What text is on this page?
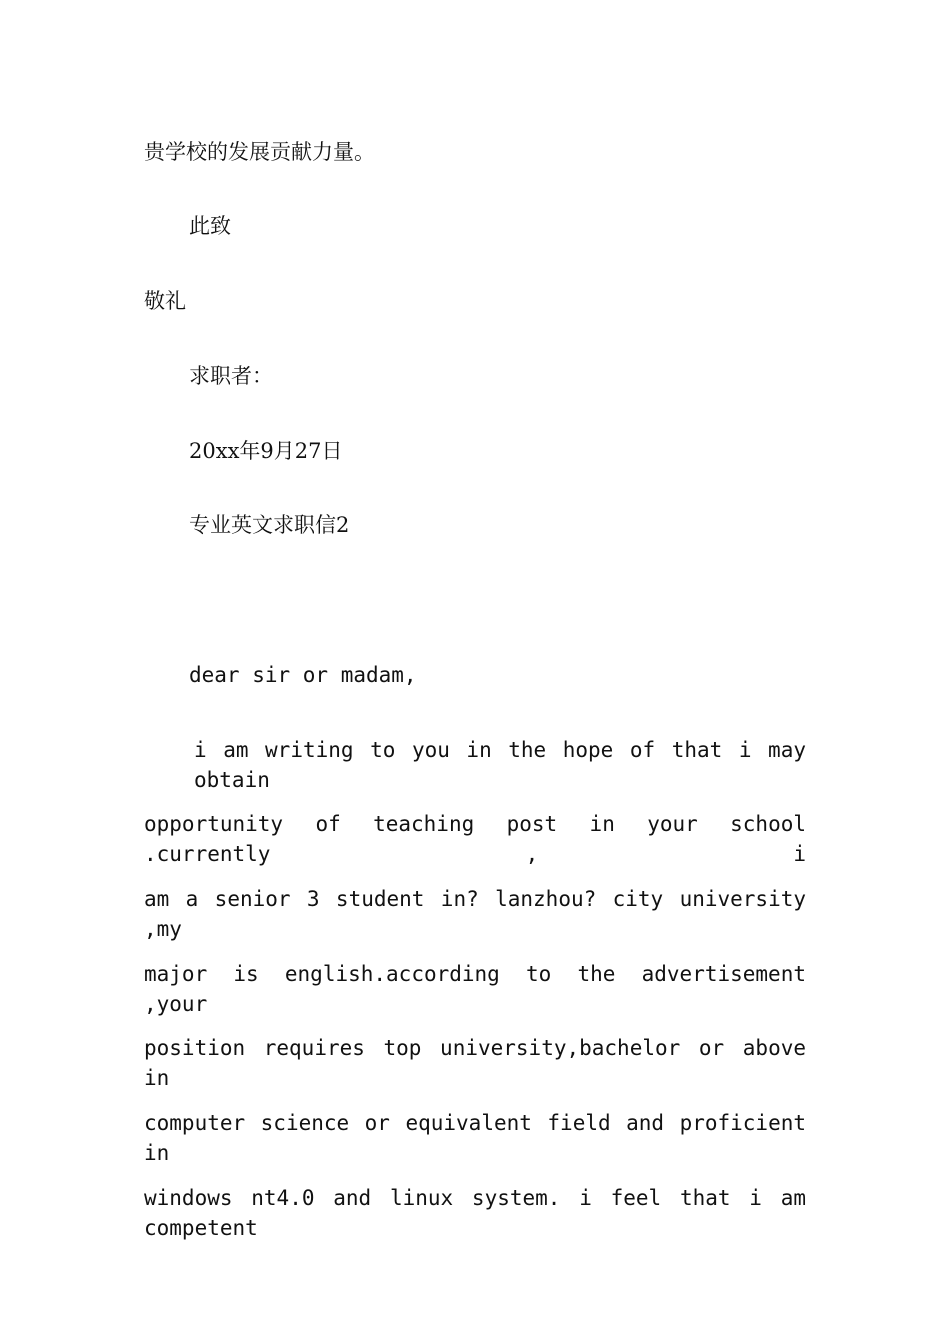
贵学校的发展贡献力量。

此致

敬礼

求职者：

20xx年9月27日

专业英文求职信2

dear sir or madam,

i am writing to you in the hope of that i may obtain

opportunity of teaching post in your school .currently , i

am a senior 3 student in? lanzhou? city university ,my

major is english.according to the advertisement ,your

position requires top university,bachelor or above in

computer science or equivalent field and proficient in

windows nt4.0 and linux system. i feel that i am competent
